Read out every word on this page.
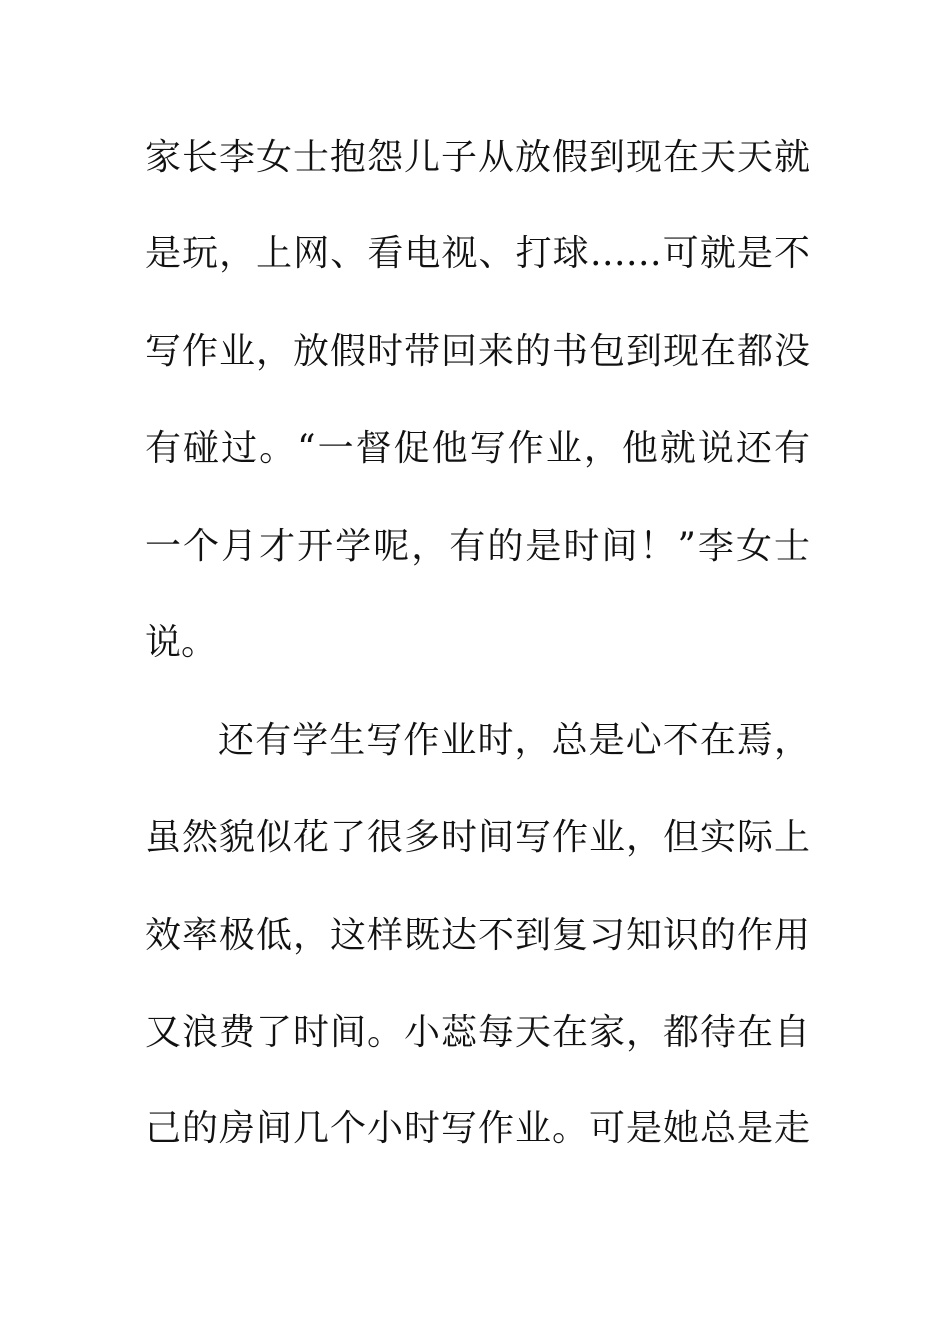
家长李女士抱怨儿子从放假到现在天天就
是玩，上网、看电视、打球……可就是不
写作业，放假时带回来的书包到现在都没
有碰过。“一督促他写作业，他就说还有
一个月才开学呢，有的是时间！”李女士
说。
还有学生写作业时，总是心不在焉，
虽然貌似花了很多时间写作业，但实际上
效率极低，这样既达不到复习知识的作用
又浪费了时间。小蕊每天在家，都待在自
己的房间几个小时写作业。可是她总是走
